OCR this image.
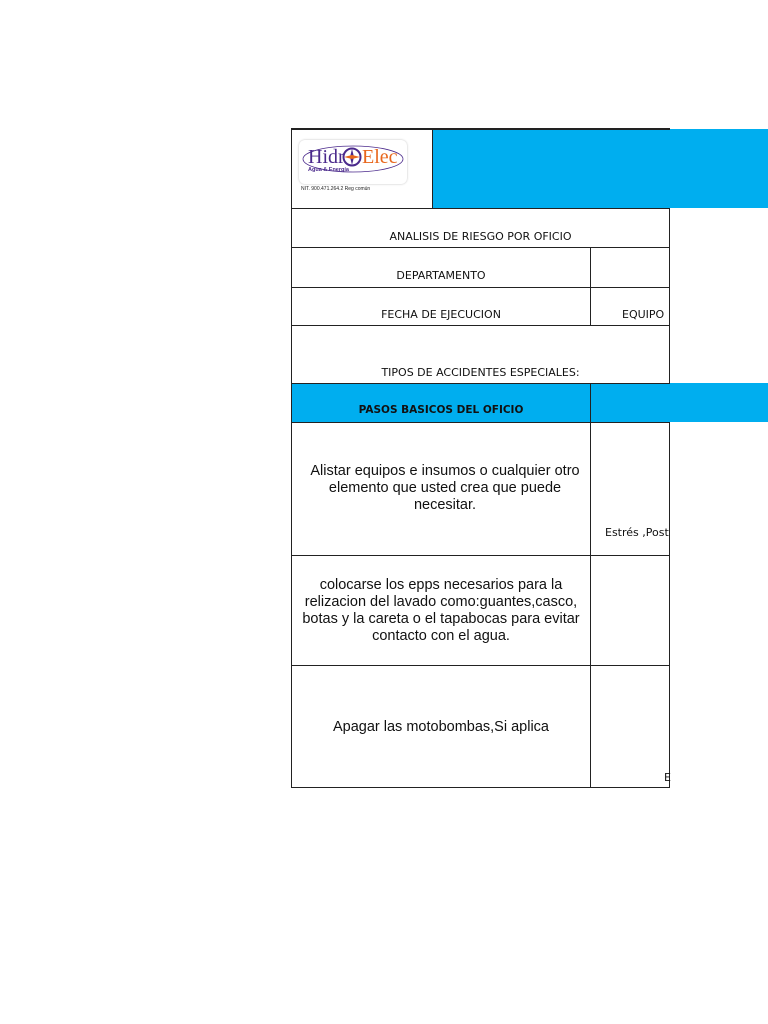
Hidr Elec
Agua & Energía
NIT. 900.471.264.2 Reg común
ANALISIS DE RIESGO POR OFICIO
DEPARTAMENTO
FECHA DE EJECUCION	EQUIPO
TIPOS DE ACCIDENTES ESPECIALES:
PASOS BASICOS DEL OFICIO
Alistar equipos e insumos o cualquier otro elemento que usted crea que puede necesitar.
Estrés ,Post
colocarse los epps necesarios para la relizacion del lavado como:guantes,casco, botas y la careta o el tapabocas para evitar contacto con el agua.
Apagar las motobombas,Si aplica
E
